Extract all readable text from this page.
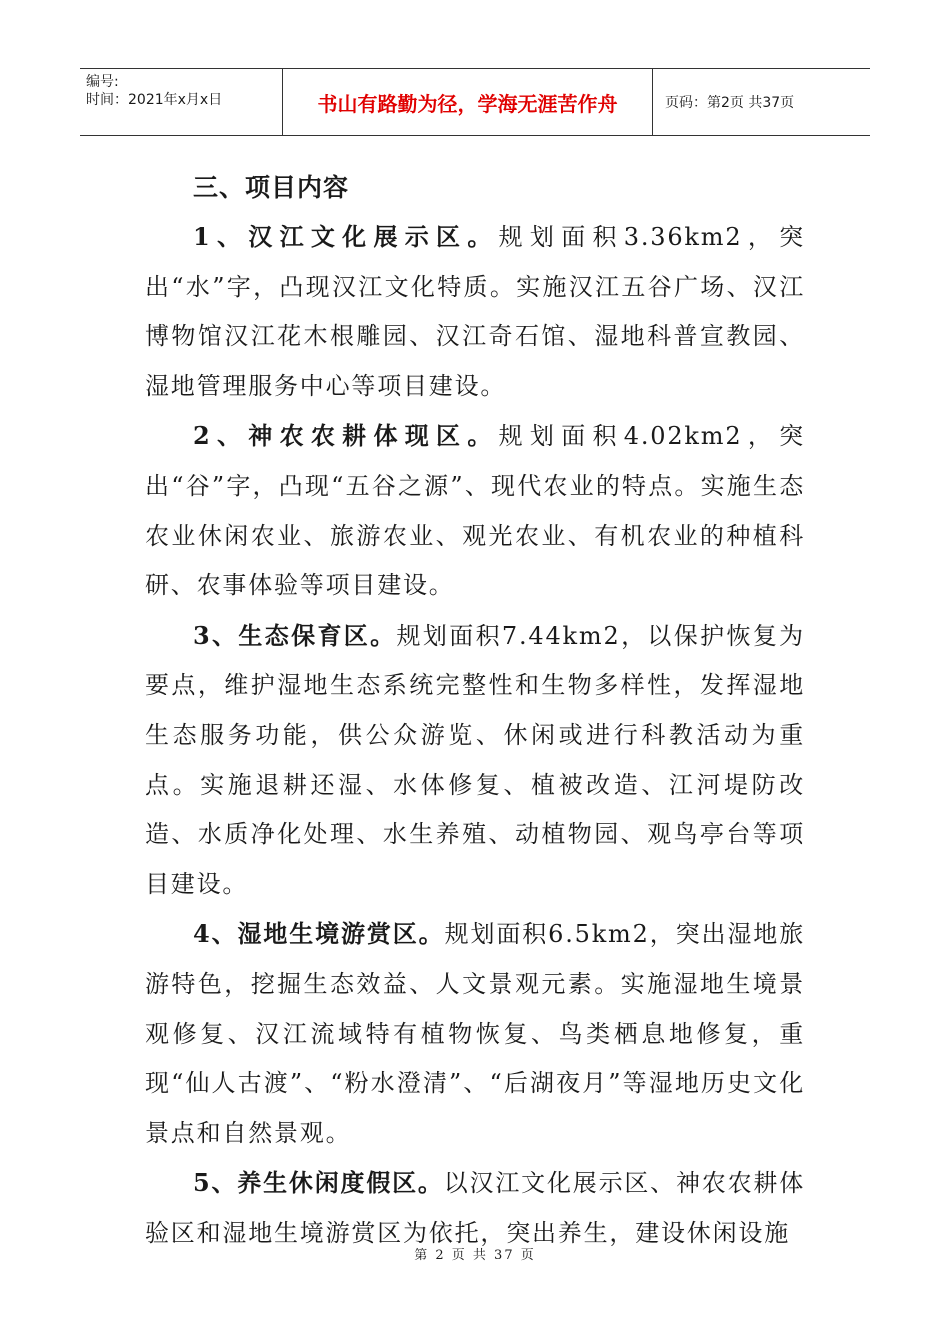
编号:
时间：2021年x月x日	书山有路勤为径，学海无涯苦作舟	页码：第2页 共37页
三、项目内容

1、汉江文化展示区。规划面积3.36km2，突出“水”字，凸现汉江文化特质。实施汉江五谷广场、汉江博物馆汉江花木根雕园、汉江奇石馆、湿地科普宣教园、湿地管理服务中心等项目建设。

2、神农农耕体现区。规划面积4.02km2，突出“谷”字，凸现“五谷之源”、现代农业的特点。实施生态农业休闲农业、旅游农业、观光农业、有机农业的种植科研、农事体验等项目建设。

3、生态保育区。规划面积7.44km2，以保护恢复为要点，维护湿地生态系统完整性和生物多样性，发挥湿地生态服务功能，供公众游览、休闲或进行科教活动为重点。实施退耕还湿、水体修复、植被改造、江河堤防改造、水质净化处理、水生养殖、动植物园、观鸟亭台等项目建设。

4、湿地生境游赏区。规划面积6.5km2，突出湿地旅游特色，挖掘生态效益、人文景观元素。实施湿地生境景观修复、汉江流域特有植物恢复、鸟类栖息地修复，重现“仙人古渡”、“粉水澄清”、“后湖夜月”等湿地历史文化景点和自然景观。

5、养生休闲度假区。以汉江文化展示区、神农农耕体验区和湿地生境游赏区为依托，突出养生，建设休闲设施

第 2 页 共 37 页
